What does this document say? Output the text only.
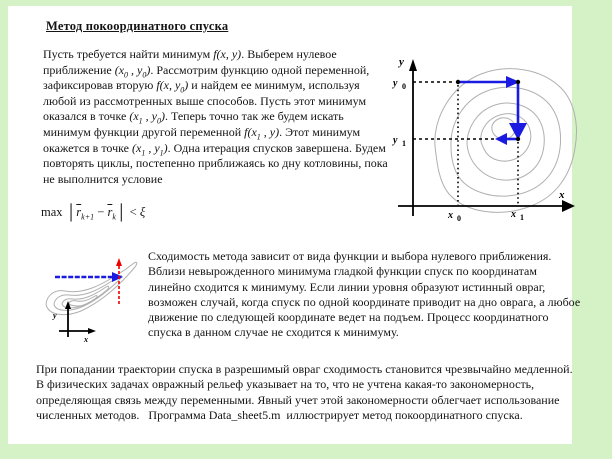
Метод покоординатного спуска
Пусть требуется найти минимум f(x, y). Выберем нулевое приближение ($x_0$ , $y_0$). Рассмотрим функцию одной переменной, зафиксировав вторую f(x, $y_0$) и найдем ее минимум, используя любой из рассмотренных выше способов. Пусть этот минимум оказался в точке ($x_1$ , $y_0$). Теперь точно так же будем искать минимум функции другой переменной $f(x_1$ , y). Этот минимум окажется в точке ($x_1$ , $y_1$). Одна итерация спусков завершена. Будем повторять циклы, постепенно приближаясь ко дну котловины, пока не выполнится условие
$\max │\overline{r}_{k+1}$ − $\overline{r}_k│ < \xi$
y
x
y 0
y 1
x 0	x 1
y
x
Сходимость метода зависит от вида функции и выбора нулевого приближения. Вблизи невырожденного минимума гладкой функции спуск по координатам линейно сходится к минимуму. Если линии уровня образуют истинный овраг, возможен случай, когда спуск по одной координате приводит на дно оврага, а любое движение по следующей координате ведет на подъем. Процесс координатного спуска в данном случае не сходится к минимуму.
При попадании траектории спуска в разрешимый овраг сходимость становится чрезвычайно медленной. В физических задачах овражный рельеф указывает на то, что не учтена какая-то закономерность, определяющая связь между переменными. Явный учет этой закономерности облегчает использование численных методов.   Программа Data_sheet5.m  иллюстрирует метод покоординатного спуска.
